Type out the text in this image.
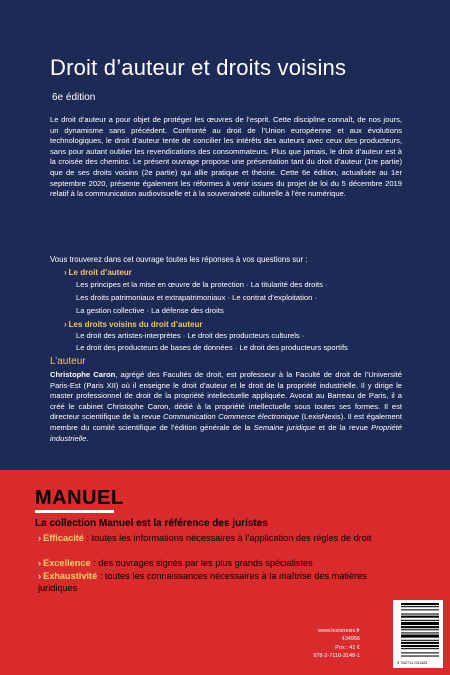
Droit d’auteur et droits voisins
6e édition
Le droit d’auteur a pour objet de protéger les œuvres de l’esprit. Cette discipline connaît, de nos jours, un dynamisme sans précédent. Confronté au droit de l’Union européenne et aux évolutions technologiques, le droit d’auteur tente de concilier les intérêts des auteurs avec ceux des producteurs, sans pour autant oublier les revendications des consommateurs. Plus que jamais, le droit d’auteur est à la croisée des chemins. Le présent ouvrage propose une présentation tant du droit d’auteur (1re partie) que de ses droits voisins (2e partie) qui allie pratique et théorie. Cette 6e édition, actualisée au 1er septembre 2020, présente également les réformes à venir issues du projet de loi du 5 décembre 2019 relatif à la communication audiovisuelle et à la souveraineté culturelle à l’ère numérique.
Vous trouverez dans cet ouvrage toutes les réponses à vos questions sur :
› Le droit d’auteur
Les principes et la mise en œuvre de la protection · La titularité des droits ·
Les droits patrimoniaux et extrapatrimoniaux · Le contrat d’exploitation ·
La gestion collective · La défense des droits
› Les droits voisins du droit d’auteur
Le droit des artistes-interprètes · Le droit des producteurs culturels ·
Le droit des producteurs de bases de données · Le droit des producteurs sportifs
L’auteur
Christophe Caron, agrégé des Facultés de droit, est professeur à la Faculté de droit de l’Université Paris-Est (Paris XII) où il enseigne le droit d’auteur et le droit de la propriété industrielle. Il y dirige le master professionnel de droit de la propriété intellectuelle appliquée. Avocat au Barreau de Paris, il a créé le cabinet Christophe Caron, dédié à la propriété intellectuelle sous toutes ses formes. Il est directeur scientifique de la revue Communication Commerce électronique (LexisNexis). Il est également membre du comité scientifique de l’édition générale de la Semaine juridique et de la revue Propriété industrielle.
MANUEL
La collection Manuel est la référence des juristes
› Efficacité : toutes les informations nécessaires à l’application des règles de droit
› Excellence : des ouvrages signés par les plus grands spécialistes
› Exhaustivité : toutes les connaissances nécessaires à la maîtrise des matières juridiques
www.lexisnexis.fr
434956
Prix : 41 €
978-2-7110-3148-1
9 782711 031481
